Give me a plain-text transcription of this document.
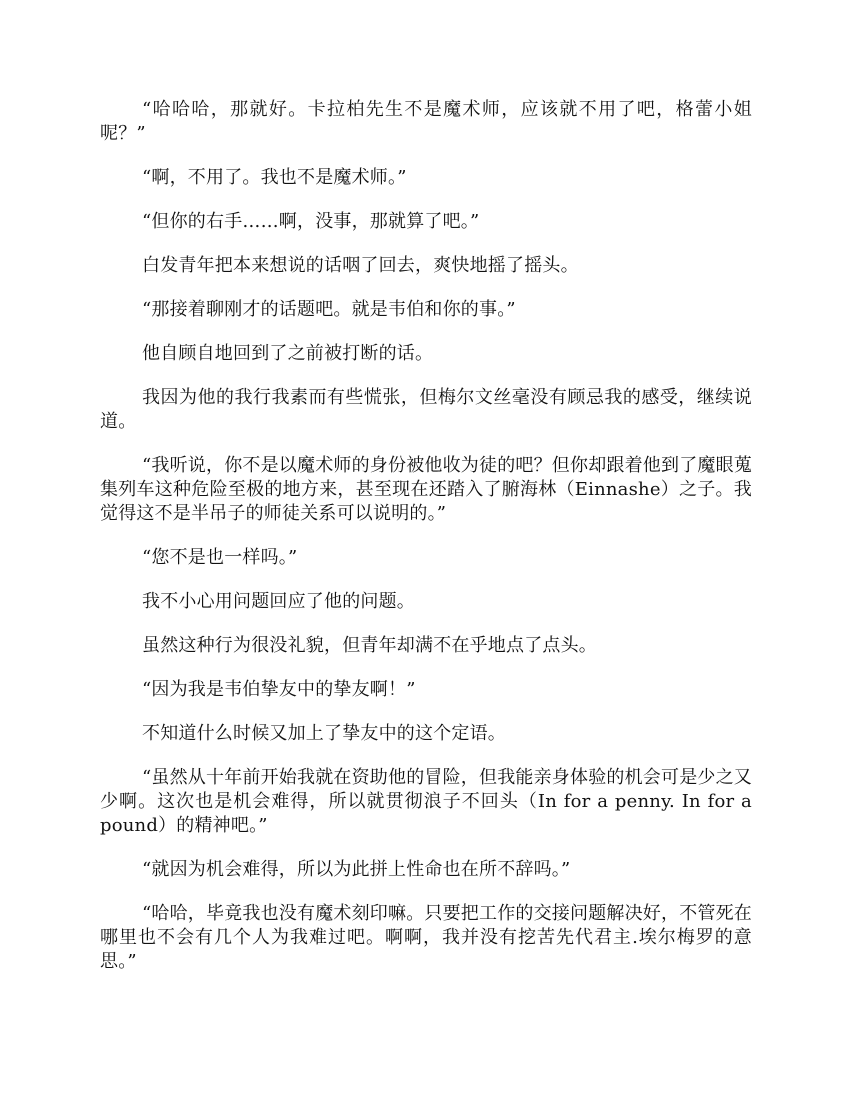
“哈哈哈，那就好。卡拉柏先生不是魔术师，应该就不用了吧，格蕾小姐呢？”

“啊，不用了。我也不是魔术师。”

“但你的右手……啊，没事，那就算了吧。”

白发青年把本来想说的话咽了回去，爽快地摇了摇头。

“那接着聊刚才的话题吧。就是韦伯和你的事。”

他自顾自地回到了之前被打断的话。

我因为他的我行我素而有些慌张，但梅尔文丝毫没有顾忌我的感受，继续说道。

“我听说，你不是以魔术师的身份被他收为徒的吧？但你却跟着他到了魔眼蒐集列车这种危险至极的地方来，甚至现在还踏入了腑海林（Einnashe）之子。我觉得这不是半吊子的师徒关系可以说明的。”

“您不是也一样吗。”

我不小心用问题回应了他的问题。

虽然这种行为很没礼貌，但青年却满不在乎地点了点头。

“因为我是韦伯挚友中的挚友啊！”

不知道什么时候又加上了挚友中的这个定语。

“虽然从十年前开始我就在资助他的冒险，但我能亲身体验的机会可是少之又少啊。这次也是机会难得，所以就贯彻浪子不回头（In for a penny. In for a pound）的精神吧。”

“就因为机会难得，所以为此拼上性命也在所不辞吗。”

“哈哈，毕竟我也没有魔术刻印嘛。只要把工作的交接问题解决好，不管死在哪里也不会有几个人为我难过吧。啊啊，我并没有挖苦先代君主.埃尔梅罗的意思。”
